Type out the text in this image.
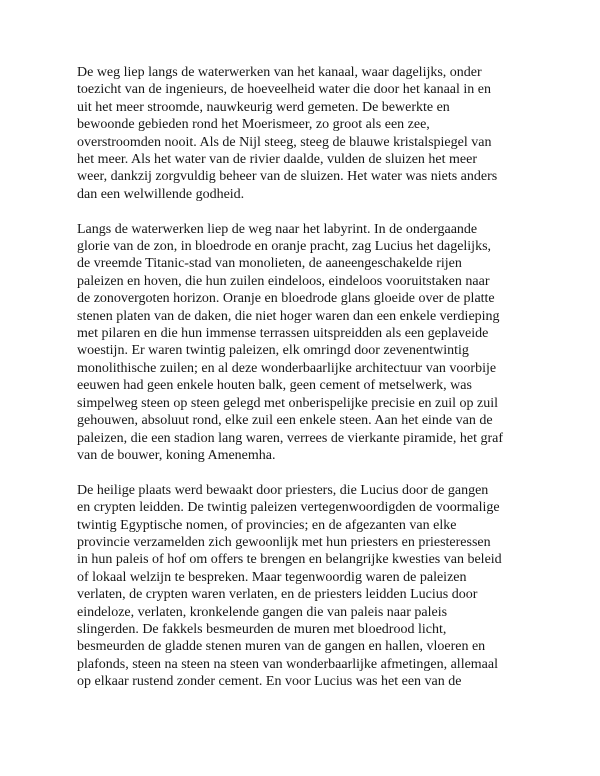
De weg liep langs de waterwerken van het kanaal, waar dagelijks, onder
toezicht van de ingenieurs, de hoeveelheid water die door het kanaal in en
uit het meer stroomde, nauwkeurig werd gemeten. De bewerkte en
bewoonde gebieden rond het Moerismeer, zo groot als een zee,
overstroomden nooit. Als de Nijl steeg, steeg de blauwe kristalspiegel van
het meer. Als het water van de rivier daalde, vulden de sluizen het meer
weer, dankzij zorgvuldig beheer van de sluizen. Het water was niets anders
dan een welwillende godheid.

Langs de waterwerken liep de weg naar het labyrint. In de ondergaande
glorie van de zon, in bloedrode en oranje pracht, zag Lucius het dagelijks,
de vreemde Titanic-stad van monolieten, de aaneengeschakelde rijen
paleizen en hoven, die hun zuilen eindeloos, eindeloos vooruitstaken naar
de zonovergoten horizon. Oranje en bloedrode glans gloeide over de platte
stenen platen van de daken, die niet hoger waren dan een enkele verdieping
met pilaren en die hun immense terrassen uitspreidden als een geplaveide
woestijn. Er waren twintig paleizen, elk omringd door zevenentwintig
monolithische zuilen; en al deze wonderbaarlijke architectuur van voorbije
eeuwen had geen enkele houten balk, geen cement of metselwerk, was
simpelweg steen op steen gelegd met onberispelijke precisie en zuil op zuil
gehouwen, absoluut rond, elke zuil een enkele steen. Aan het einde van de
paleizen, die een stadion lang waren, verrees de vierkante piramide, het graf
van de bouwer, koning Amenemha.

De heilige plaats werd bewaakt door priesters, die Lucius door de gangen
en crypten leidden. De twintig paleizen vertegenwoordigden de voormalige
twintig Egyptische nomen, of provincies; en de afgezanten van elke
provincie verzamelden zich gewoonlijk met hun priesters en priesteressen
in hun paleis of hof om offers te brengen en belangrijke kwesties van beleid
of lokaal welzijn te bespreken. Maar tegenwoordig waren de paleizen
verlaten, de crypten waren verlaten, en de priesters leidden Lucius door
eindeloze, verlaten, kronkelende gangen die van paleis naar paleis
slingerden. De fakkels besmeurden de muren met bloedrood licht,
besmeurden de gladde stenen muren van de gangen en hallen, vloeren en
plafonds, steen na steen na steen van wonderbaarlijke afmetingen, allemaal
op elkaar rustend zonder cement. En voor Lucius was het een van de
